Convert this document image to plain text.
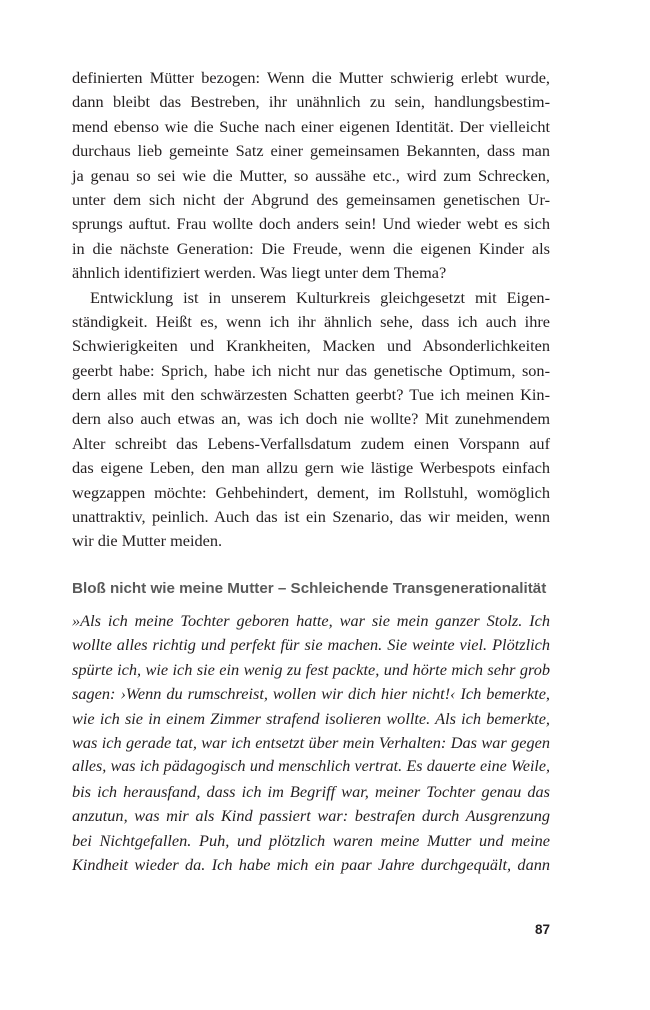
definierten Mütter bezogen: Wenn die Mutter schwierig erlebt wurde,
dann bleibt das Bestreben, ihr unähnlich zu sein, handlungsbestim-
mend ebenso wie die Suche nach einer eigenen Identität. Der vielleicht
durchaus lieb gemeinte Satz einer gemeinsamen Bekannten, dass man
ja genau so sei wie die Mutter, so aussähe etc., wird zum Schrecken,
unter dem sich nicht der Abgrund des gemeinsamen genetischen Ur-
sprungs auftut. Frau wollte doch anders sein! Und wieder webt es sich
in die nächste Generation: Die Freude, wenn die eigenen Kinder als
ähnlich identifiziert werden. Was liegt unter dem Thema?
Entwicklung ist in unserem Kulturkreis gleichgesetzt mit Eigen-
ständigkeit. Heißt es, wenn ich ihr ähnlich sehe, dass ich auch ihre
Schwierigkeiten und Krankheiten, Macken und Absonderlichkeiten
geerbt habe: Sprich, habe ich nicht nur das genetische Optimum, son-
dern alles mit den schwärzesten Schatten geerbt? Tue ich meinen Kin-
dern also auch etwas an, was ich doch nie wollte? Mit zunehmendem
Alter schreibt das Lebens-Verfallsdatum zudem einen Vorspann auf
das eigene Leben, den man allzu gern wie lästige Werbespots einfach
wegzappen möchte: Gehbehindert, dement, im Rollstuhl, womöglich
unattraktiv, peinlich. Auch das ist ein Szenario, das wir meiden, wenn
wir die Mutter meiden.
Bloß nicht wie meine Mutter – Schleichende Transgenerationalität
»Als ich meine Tochter geboren hatte, war sie mein ganzer Stolz. Ich
wollte alles richtig und perfekt für sie machen. Sie weinte viel. Plötzlich
spürte ich, wie ich sie ein wenig zu fest packte, und hörte mich sehr grob
sagen: ›Wenn du rumschreist, wollen wir dich hier nicht!‹ Ich bemerkte,
wie ich sie in einem Zimmer strafend isolieren wollte. Als ich bemerkte,
was ich gerade tat, war ich entsetzt über mein Verhalten: Das war gegen
alles, was ich pädagogisch und menschlich vertrat. Es dauerte eine Weile,
bis ich herausfand, dass ich im Begriff war, meiner Tochter genau das
anzutun, was mir als Kind passiert war: bestrafen durch Ausgrenzung
bei Nichtgefallen. Puh, und plötzlich waren meine Mutter und meine
Kindheit wieder da. Ich habe mich ein paar Jahre durchgequält, dann
87
